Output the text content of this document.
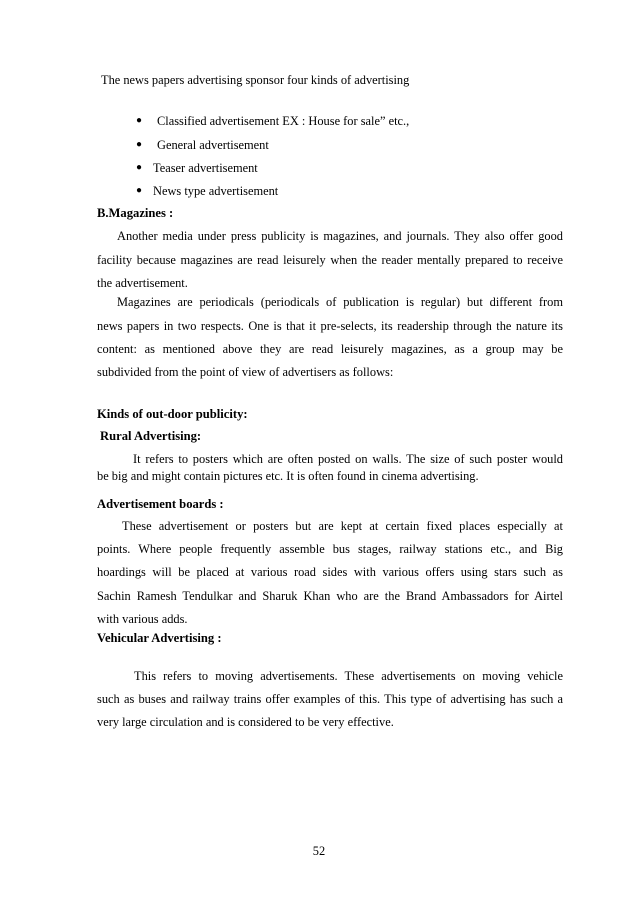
The news papers advertising sponsor four kinds of advertising
● Classified advertisement EX : House for sale” etc.,
● General advertisement
● Teaser advertisement
● News type advertisement
B.Magazines :
Another media under press publicity is magazines, and journals. They also offer good
facility because magazines are read leisurely when the reader mentally prepared to receive
the advertisement.
Magazines are periodicals (periodicals of publication is regular) but different from
news papers in two respects. One is that it pre-selects, its readership through the nature its
content: as mentioned above they are read leisurely magazines, as a group may be
subdivided from the point of view of advertisers as follows:
Kinds of out-door publicity:
Rural Advertising:
It refers to posters which are often posted on walls. The size of such poster would
be big and might contain pictures etc. It is often found in cinema advertising.
Advertisement boards :
These advertisement or posters but are kept at certain fixed places especially at
points. Where people frequently assemble bus stages, railway stations etc., and Big
hoardings will be placed at various road sides with various offers using stars such as
Sachin Ramesh Tendulkar and Sharuk Khan who are the Brand Ambassadors for Airtel
with various adds.
Vehicular Advertising :
This refers to moving advertisements. These advertisements on moving vehicle
such as buses and railway trains offer examples of this. This type of advertising has such a
very large circulation and is considered to be very effective.
52
